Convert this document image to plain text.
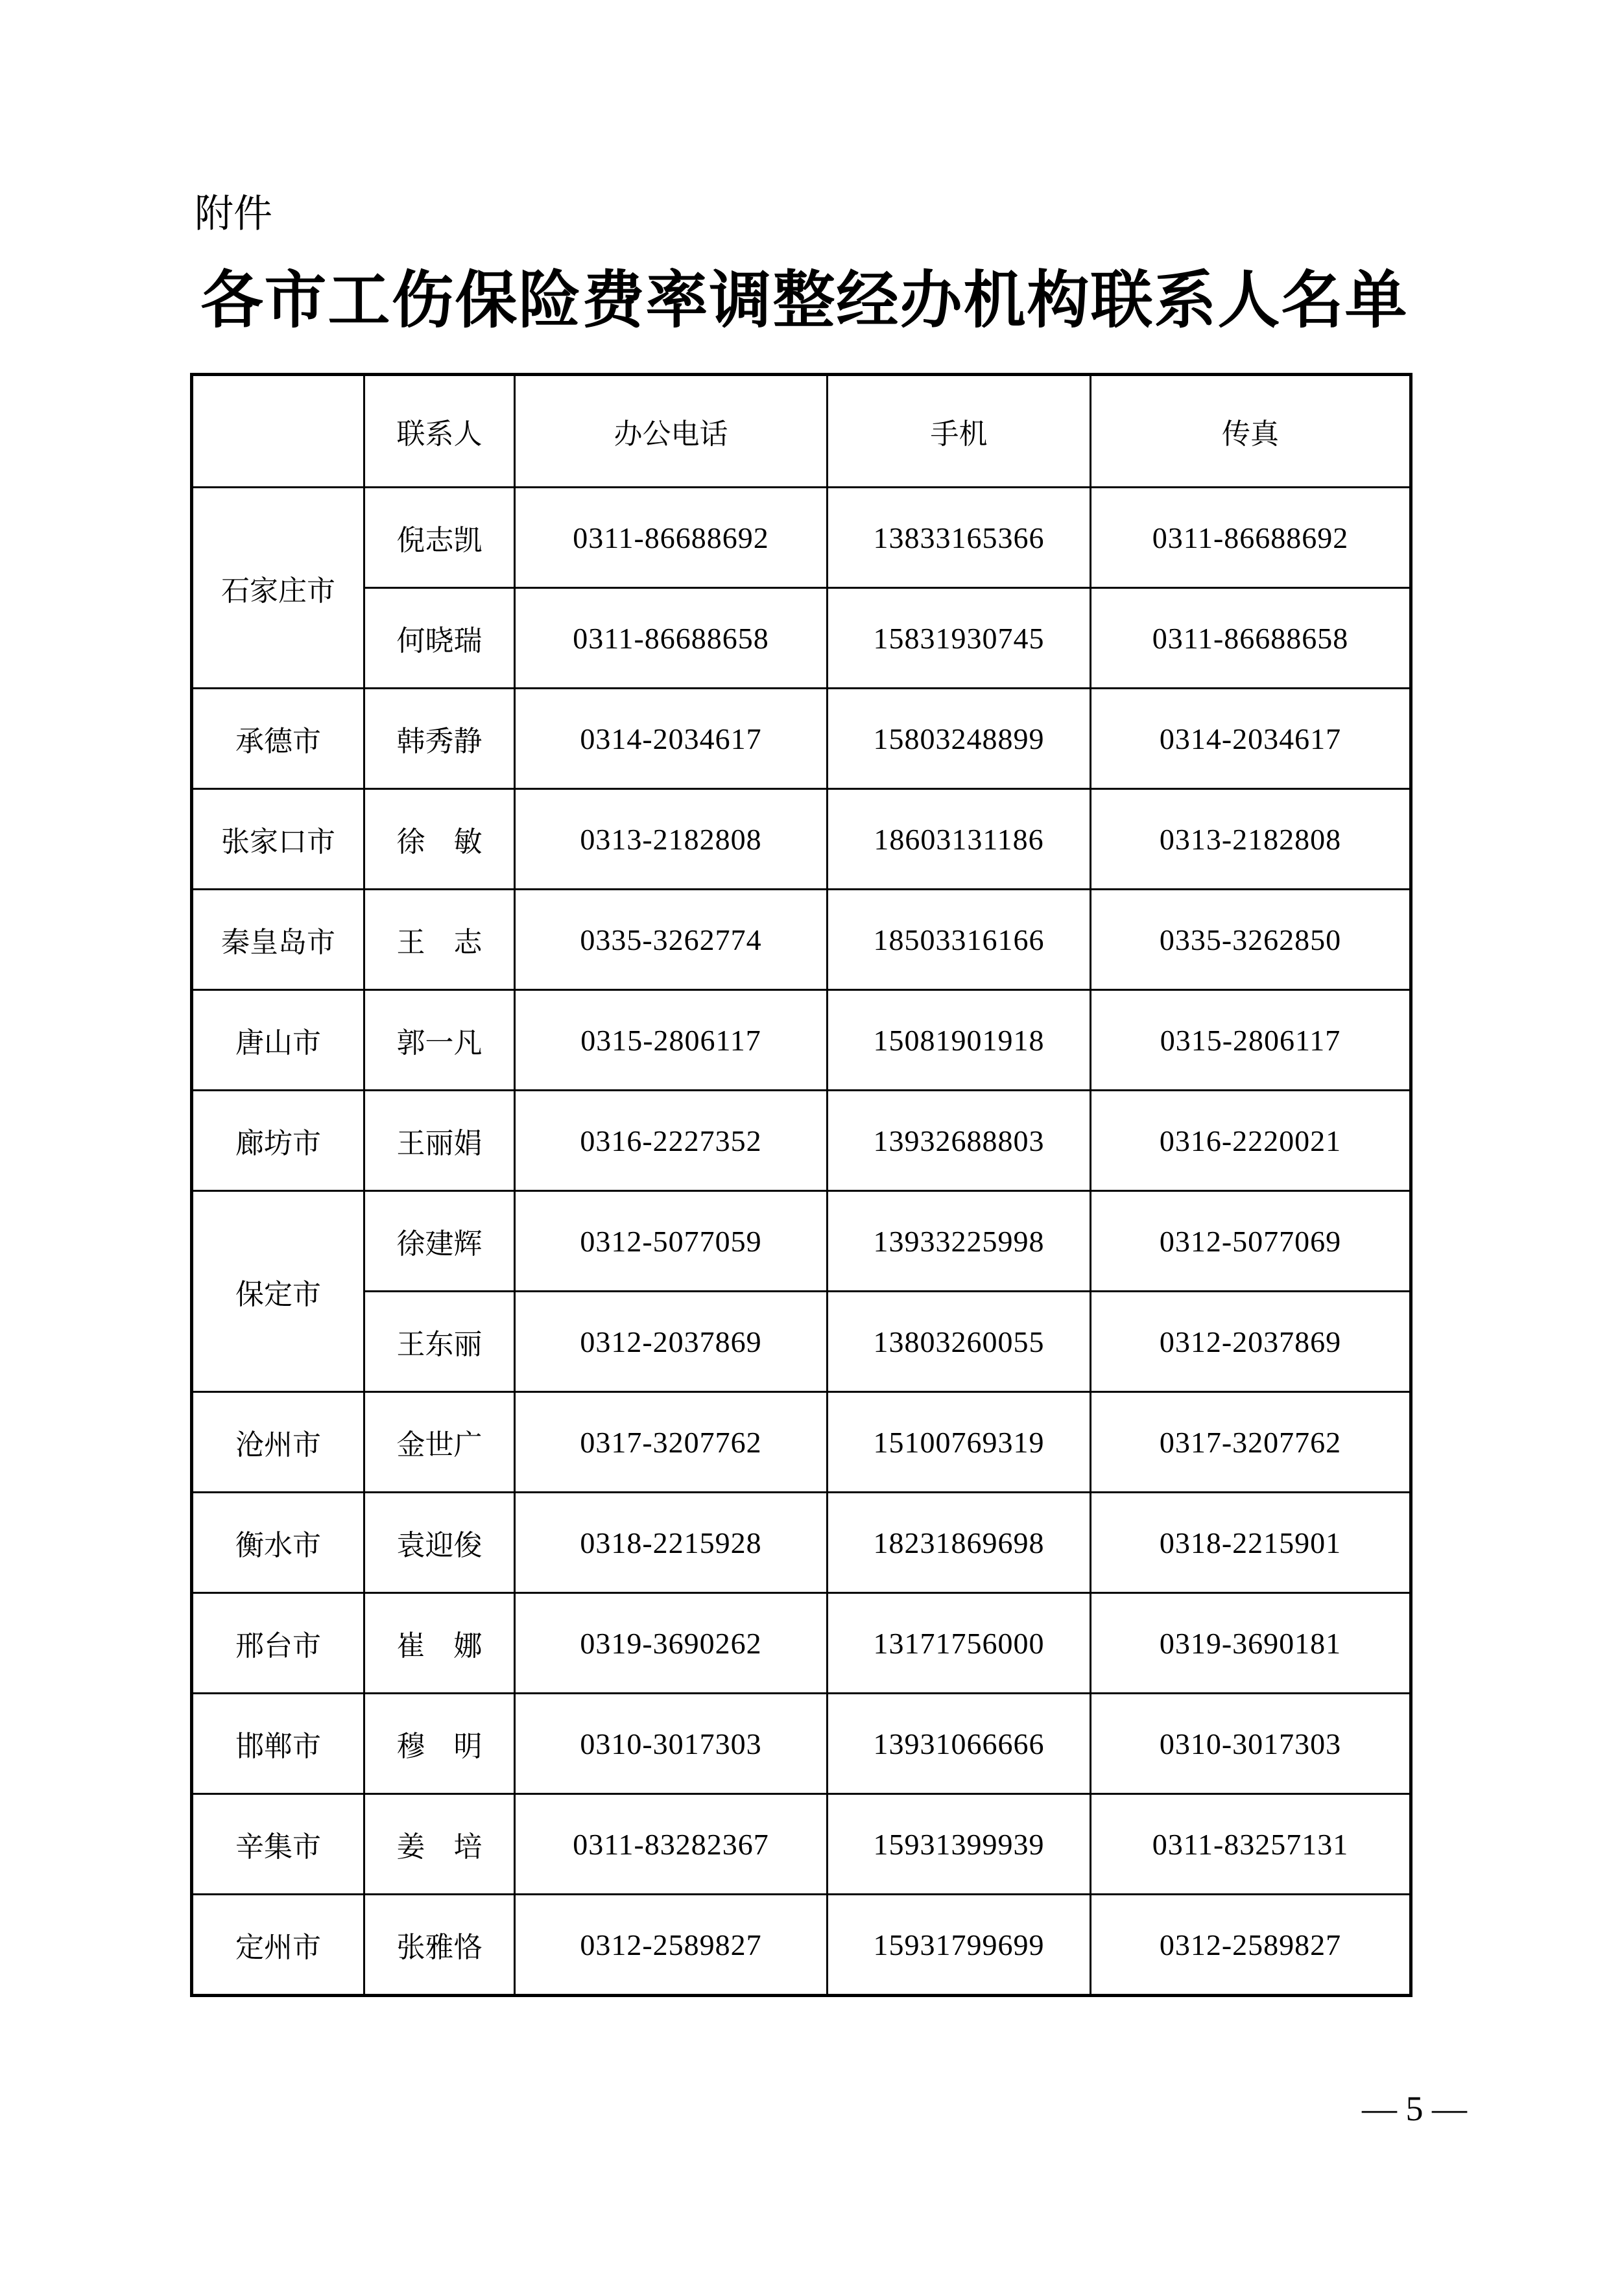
附件
各市工伤保险费率调整经办机构联系人名单
	联系人	办公电话	手机	传真
石家庄市	倪志凯	0311-86688692	13833165366	0311-86688692
	何晓瑞	0311-86688658	15831930745	0311-86688658
承德市	韩秀静	0314-2034617	15803248899	0314-2034617
张家口市	徐　敏	0313-2182808	18603131186	0313-2182808
秦皇岛市	王　志	0335-3262774	18503316166	0335-3262850
唐山市	郭一凡	0315-2806117	15081901918	0315-2806117
廊坊市	王丽娟	0316-2227352	13932688803	0316-2220021
保定市	徐建辉	0312-5077059	13933225998	0312-5077069
	王东丽	0312-2037869	13803260055	0312-2037869
沧州市	金世广	0317-3207762	15100769319	0317-3207762
衡水市	袁迎俊	0318-2215928	18231869698	0318-2215901
邢台市	崔　娜	0319-3690262	13171756000	0319-3690181
邯郸市	穆　明	0310-3017303	13931066666	0310-3017303
辛集市	姜　培	0311-83282367	15931399939	0311-83257131
定州市	张雅恪	0312-2589827	15931799699	0312-2589827
— 5 —
